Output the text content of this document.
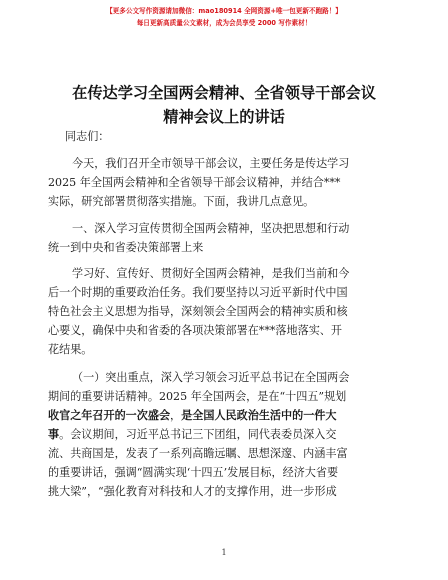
【更多公文写作资源请加微信：mao180914 全网资源+唯一包更新不跑路！】
每日更新高质量公文素材，成为会员享受 2000 写作素材！
在传达学习全国两会精神、全省领导干部会议
精神会议上的讲话
同志们：
今天，我们召开全市领导干部会议，主要任务是传达学习
2025 年全国两会精神和全省领导干部会议精神，并结合***
实际，研究部署贯彻落实措施。下面，我讲几点意见。
一、深入学习宣传贯彻全国两会精神，坚决把思想和行动
统一到中央和省委决策部署上来
学习好、宣传好、贯彻好全国两会精神，是我们当前和今
后一个时期的重要政治任务。我们要坚持以习近平新时代中国
特色社会主义思想为指导，深刻领会全国两会的精神实质和核
心要义，确保中央和省委的各项决策部署在***落地落实、开
花结果。
（一）突出重点，深入学习领会习近平总书记在全国两会
期间的重要讲话精神。2025 年全国两会，是在“十四五”规划
收官之年召开的一次盛会，是全国人民政治生活中的一件大
事。会议期间，习近平总书记三下团组，同代表委员深入交
流、共商国是，发表了一系列高瞻远瞩、思想深邃、内涵丰富
的重要讲话，强调“圆满实现‘十四五’发展目标，经济大省要
挑大梁”，“强化教育对科技和人才的支撑作用，进一步形成
1
